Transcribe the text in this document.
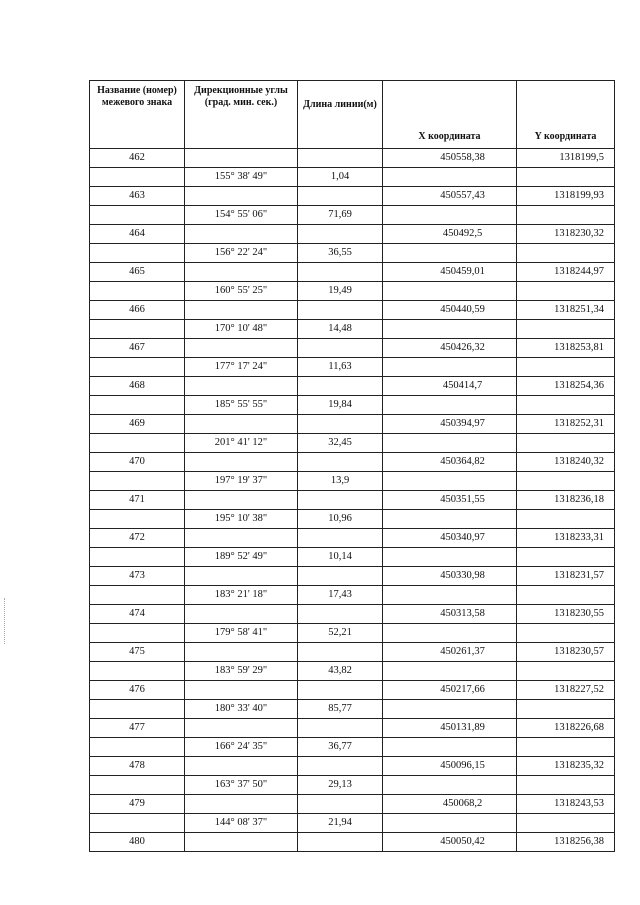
Название (номер) межевого знака	Дирекционные углы (град. мин. сек.)	Длина линии(м)	X координата	Y координата
462			450558,38	1318199,5
	155° 38' 49"	1,04		
463			450557,43	1318199,93
	154° 55' 06"	71,69		
464			450492,5	1318230,32
	156° 22' 24"	36,55		
465			450459,01	1318244,97
	160° 55' 25"	19,49		
466			450440,59	1318251,34
	170° 10' 48"	14,48		
467			450426,32	1318253,81
	177° 17' 24"	11,63		
468			450414,7	1318254,36
	185° 55' 55"	19,84		
469			450394,97	1318252,31
	201° 41' 12"	32,45		
470			450364,82	1318240,32
	197° 19' 37"	13,9		
471			450351,55	1318236,18
	195° 10' 38"	10,96		
472			450340,97	1318233,31
	189° 52' 49"	10,14		
473			450330,98	1318231,57
	183° 21' 18"	17,43		
474			450313,58	1318230,55
	179° 58' 41"	52,21		
475			450261,37	1318230,57
	183° 59' 29"	43,82		
476			450217,66	1318227,52
	180° 33' 40"	85,77		
477			450131,89	1318226,68
	166° 24' 35"	36,77		
478			450096,15	1318235,32
	163° 37' 50"	29,13		
479			450068,2	1318243,53
	144° 08' 37"	21,94		
480			450050,42	1318256,38
